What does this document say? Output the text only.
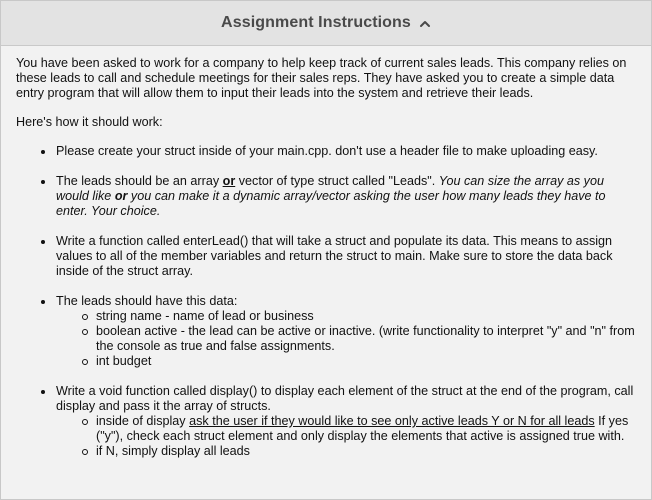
Assignment Instructions

You have been asked to work for a company to help keep track of current sales leads. This company relies on these leads to call and schedule meetings for their sales reps. They have asked you to create a simple data entry program that will allow them to input their leads into the system and retrieve their leads.

Here's how it should work:

Please create your struct inside of your main.cpp. don't use a header file to make uploading easy.
The leads should be an array or vector of type struct called "Leads". You can size the array as you would like or you can make it a dynamic array/vector asking the user how many leads they have to enter. Your choice.
Write a function called enterLead() that will take a struct and populate its data. This means to assign values to all of the member variables and return the struct to main. Make sure to store the data back inside of the struct array.
The leads should have this data:
string name - name of lead or business
boolean active - the lead can be active or inactive. (write functionality to interpret "y" and "n" from the console as true and false assignments.
int budget
Write a void function called display() to display each element of the struct at the end of the program, call display and pass it the array of structs.
inside of display ask the user if they would like to see only active leads Y or N for all leads If yes ("y"), check each struct element and only display the elements that active is assigned true with.
if N, simply display all leads
